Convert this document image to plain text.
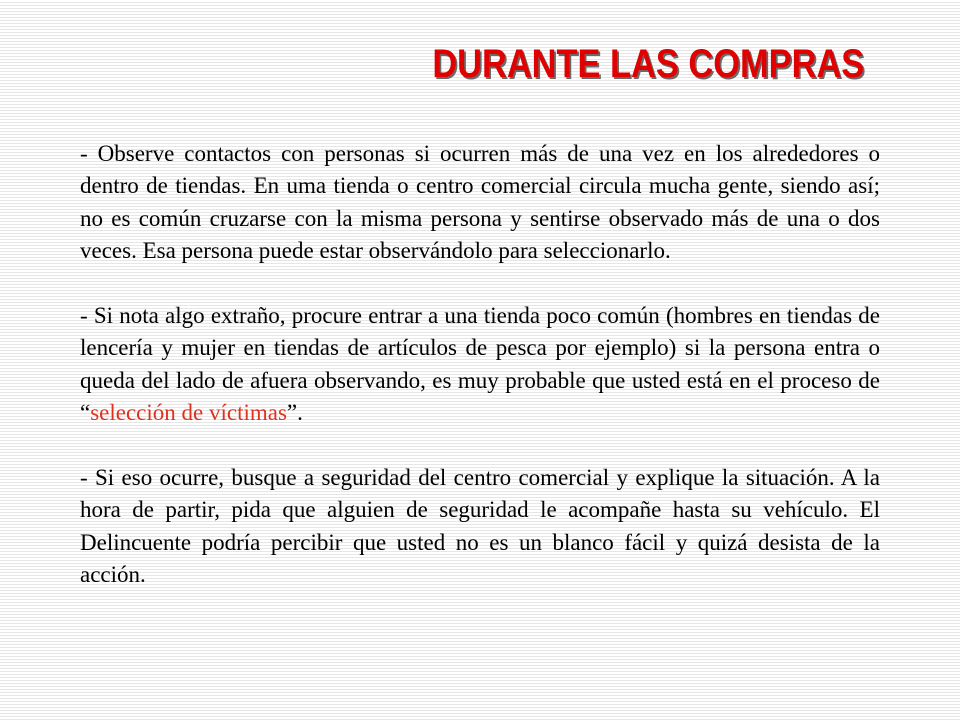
DURANTE LAS COMPRAS

- Observe contactos con personas si ocurren más de una vez en los alrededores o dentro de tiendas. En uma tienda o centro comercial circula mucha gente, siendo así; no es común cruzarse con la misma persona y sentirse observado más de una o dos veces. Esa persona puede estar observándolo para seleccionarlo.

- Si nota algo extraño, procure entrar a una tienda poco común (hombres en tiendas de lencería y mujer en tiendas de artículos de pesca por ejemplo) si la persona entra o queda del lado de afuera observando, es muy probable que usted está en el proceso de “selección de víctimas”.

- Si eso ocurre, busque a seguridad del centro comercial y explique la situación. A la hora de partir, pida que alguien de seguridad le acompañe hasta su vehículo. El Delincuente podría percibir que usted no es un blanco fácil y quizá desista de la acción.
